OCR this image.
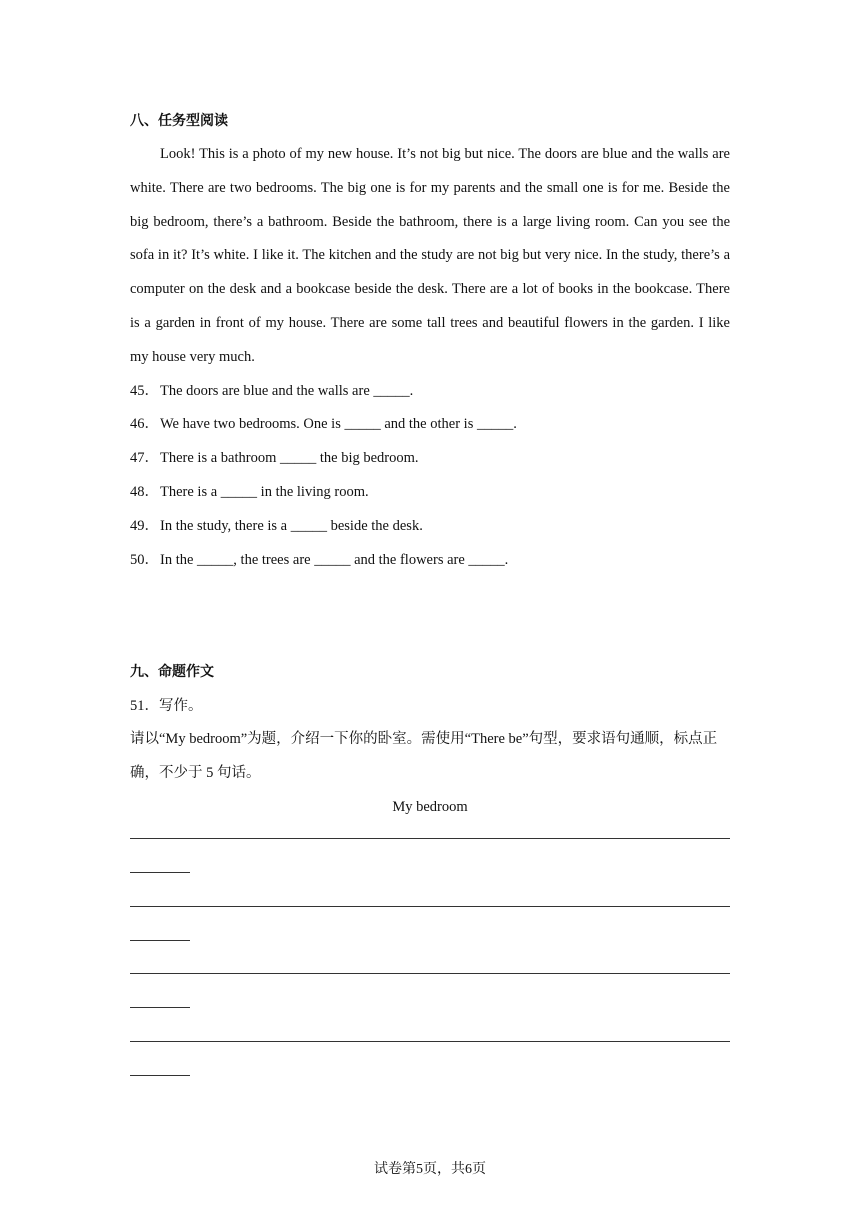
八、任务型阅读

Look! This is a photo of my new house. It’s not big but nice. The doors are blue and the walls are white. There are two bedrooms. The big one is for my parents and the small one is for me. Beside the big bedroom, there’s a bathroom. Beside the bathroom, there is a large living room. Can you see the sofa in it? It’s white. I like it. The kitchen and the study are not big but very nice. In the study, there’s a computer on the desk and a bookcase beside the desk. There are a lot of books in the bookcase. There is a garden in front of my house. There are some tall trees and beautiful flowers in the garden. I like my house very much.

45．The doors are blue and the walls are _____.
46．We have two bedrooms. One is _____ and the other is _____.
47．There is a bathroom _____ the big bedroom.
48．There is a _____ in the living room.
49．In the study, there is a _____ beside the desk.
50．In the _____, the trees are _____ and the flowers are _____.
九、命题作文
51．写作。

请以“My bedroom”为题，介绍一下你的卧室。需使用“There be”句型，要求语句通顺，标点正确，不少于 5 句话。

My bedroom
试卷第5页，共6页
